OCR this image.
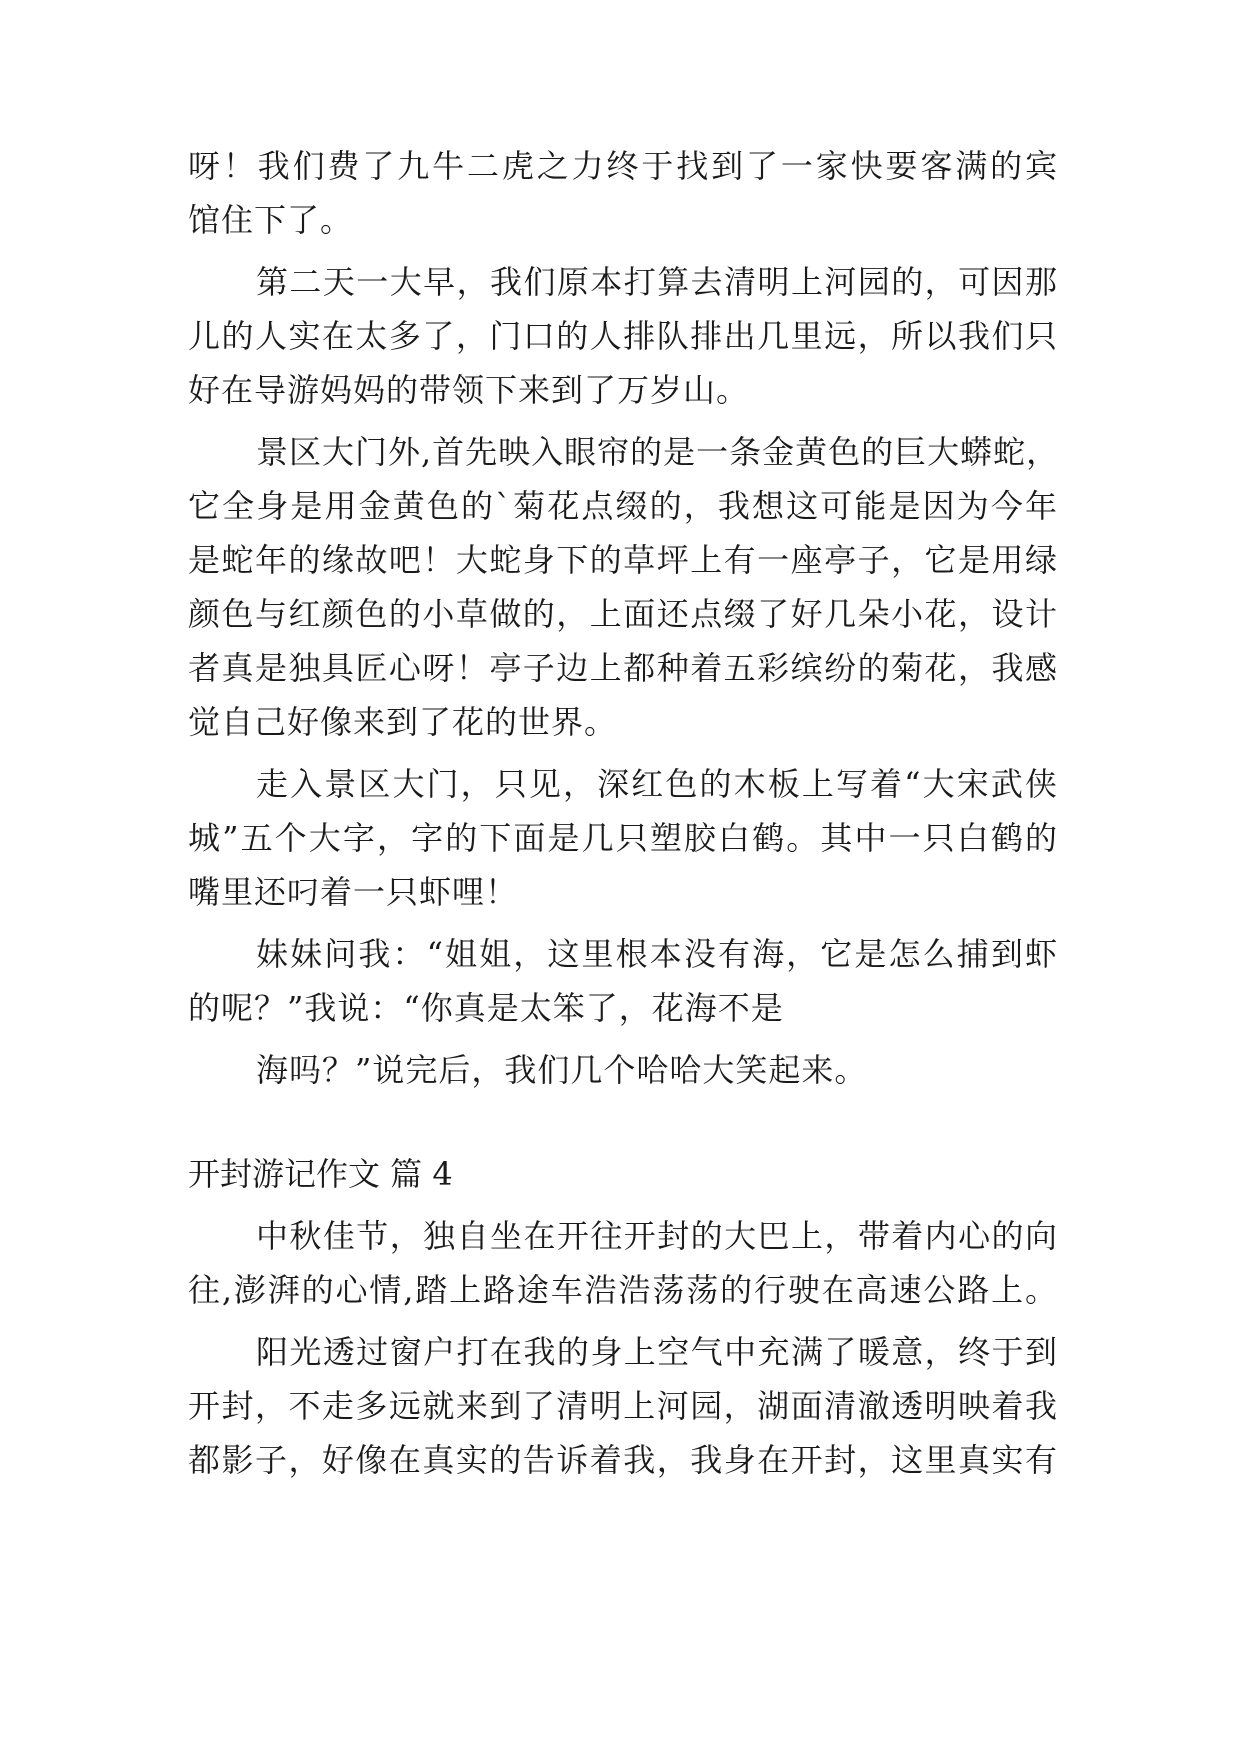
呀！我们费了九牛二虎之力终于找到了一家快要客满的宾
馆住下了。
第二天一大早，我们原本打算去清明上河园的，可因那
儿的人实在太多了，门口的人排队排出几里远，所以我们只
好在导游妈妈的带领下来到了万岁山。
景区大门外,首先映入眼帘的是一条金黄色的巨大蟒蛇，
它全身是用金黄色的`菊花点缀的，我想这可能是因为今年
是蛇年的缘故吧！大蛇身下的草坪上有一座亭子，它是用绿
颜色与红颜色的小草做的，上面还点缀了好几朵小花，设计
者真是独具匠心呀！亭子边上都种着五彩缤纷的菊花，我感
觉自己好像来到了花的世界。
走入景区大门，只见，深红色的木板上写着“大宋武侠
城”五个大字，字的下面是几只塑胶白鹤。其中一只白鹤的
嘴里还叼着一只虾哩！
妹妹问我：“姐姐，这里根本没有海，它是怎么捕到虾
的呢？”我说：“你真是太笨了，花海不是
海吗？”说完后，我们几个哈哈大笑起来。
开封游记作文 篇 4
中秋佳节，独自坐在开往开封的大巴上，带着内心的向
往,澎湃的心情,踏上路途车浩浩荡荡的行驶在高速公路上。
阳光透过窗户打在我的身上空气中充满了暖意，终于到
开封，不走多远就来到了清明上河园，湖面清澈透明映着我
都影子，好像在真实的告诉着我，我身在开封，这里真实有
